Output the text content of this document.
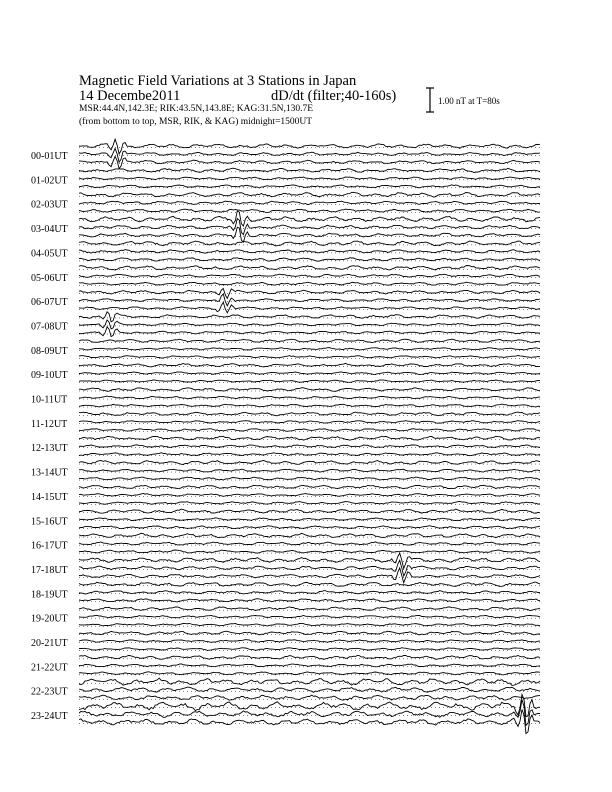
Magnetic Field Variations at 3 Stations in Japan
14 Decembe2011	dD/dt (filter;40-160s)
MSR:44.4N,142.3E; RIK:43.5N,143.8E; KAG:31.5N,130.7E
(from bottom to top, MSR, RIK, & KAG) midnight=1500UT
1.00 nT at T=80s
00-01UT
01-02UT
02-03UT
03-04UT
04-05UT
05-06UT
06-07UT
07-08UT
08-09UT
09-10UT
10-11UT
11-12UT
12-13UT
13-14UT
14-15UT
15-16UT
16-17UT
17-18UT
18-19UT
19-20UT
20-21UT
21-22UT
22-23UT
23-24UT
